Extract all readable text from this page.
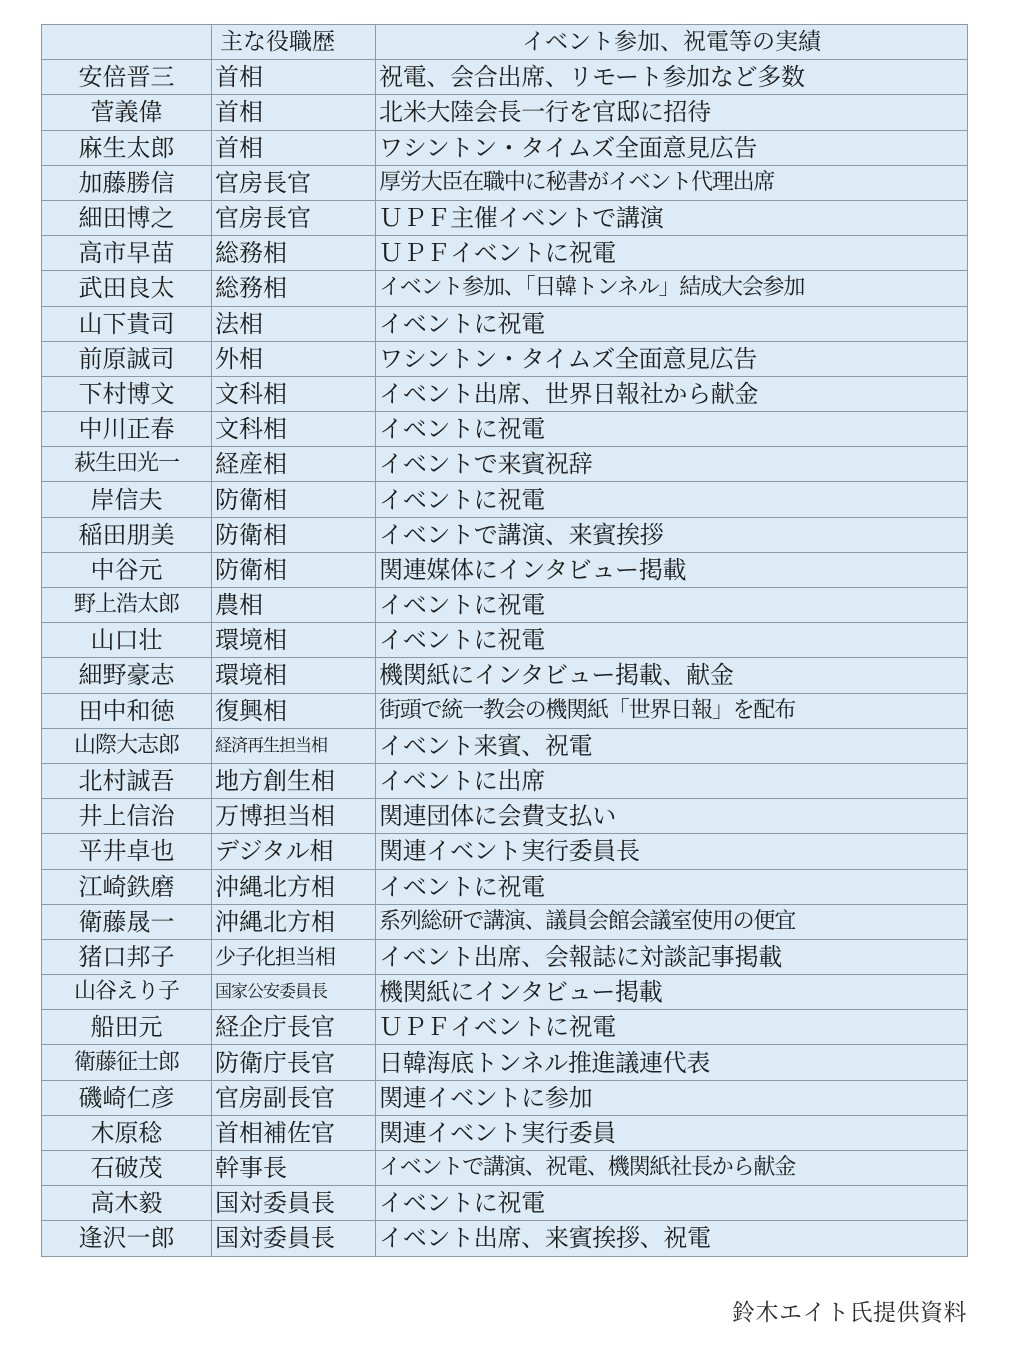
	主な役職歴	イベント参加、祝電等の実績
安倍晋三	首相	祝電、会合出席、リモート参加など多数
菅義偉	首相	北米大陸会長一行を官邸に招待
麻生太郎	首相	ワシントン・タイムズ全面意見広告
加藤勝信	官房長官	厚労大臣在職中に秘書がイベント代理出席
細田博之	官房長官	ＵＰＦ主催イベントで講演
高市早苗	総務相	ＵＰＦイベントに祝電
武田良太	総務相	イベント参加、「日韓トンネル」結成大会参加
山下貴司	法相	イベントに祝電
前原誠司	外相	ワシントン・タイムズ全面意見広告
下村博文	文科相	イベント出席、世界日報社から献金
中川正春	文科相	イベントに祝電
萩生田光一	経産相	イベントで来賓祝辞
岸信夫	防衛相	イベントに祝電
稲田朋美	防衛相	イベントで講演、来賓挨拶
中谷元	防衛相	関連媒体にインタビュー掲載
野上浩太郎	農相	イベントに祝電
山口壮	環境相	イベントに祝電
細野豪志	環境相	機関紙にインタビュー掲載、献金
田中和徳	復興相	街頭で統一教会の機関紙「世界日報」を配布
山際大志郎	経済再生担当相	イベント来賓、祝電
北村誠吾	地方創生相	イベントに出席
井上信治	万博担当相	関連団体に会費支払い
平井卓也	デジタル相	関連イベント実行委員長
江崎鉄磨	沖縄北方相	イベントに祝電
衛藤晟一	沖縄北方相	系列総研で講演、議員会館会議室使用の便宜
猪口邦子	少子化担当相	イベント出席、会報誌に対談記事掲載
山谷えり子	国家公安委員長	機関紙にインタビュー掲載
船田元	経企庁長官	ＵＰＦイベントに祝電
衛藤征士郎	防衛庁長官	日韓海底トンネル推進議連代表
磯崎仁彦	官房副長官	関連イベントに参加
木原稔	首相補佐官	関連イベント実行委員
石破茂	幹事長	イベントで講演、祝電、機関紙社長から献金
高木毅	国対委員長	イベントに祝電
逢沢一郎	国対委員長	イベント出席、来賓挨拶、祝電
鈴木エイト氏提供資料
